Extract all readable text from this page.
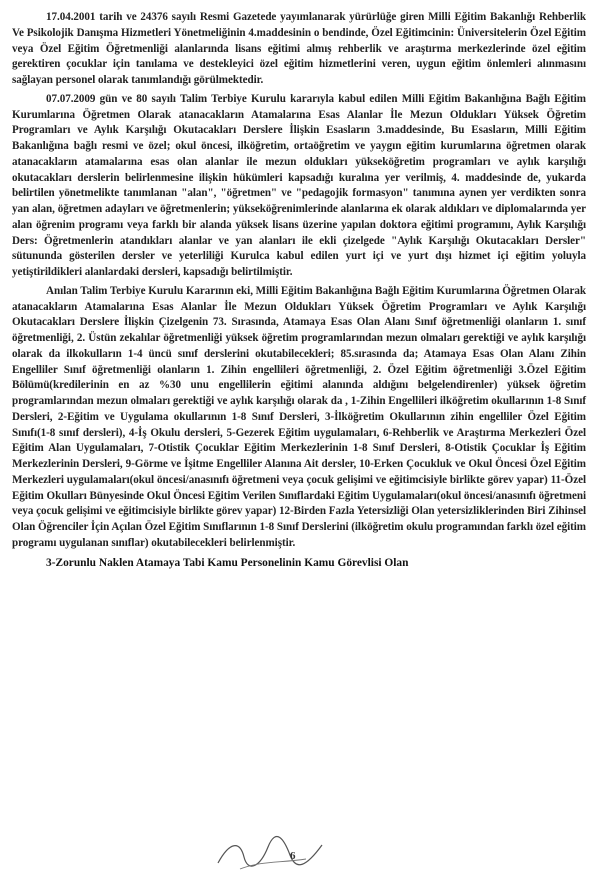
17.04.2001 tarih ve 24376 sayılı Resmi Gazetede yayımlanarak yürürlüğe giren Milli Eğitim Bakanlığı Rehberlik Ve Psikolojik Danışma Hizmetleri Yönetmeliğinin 4.maddesinin o bendinde, Özel Eğitimcinin: Üniversitelerin Özel Eğitim veya Özel Eğitim Öğretmenliği alanlarında lisans eğitimi almış rehberlik ve araştırma merkezlerinde özel eğitim gerektiren çocuklar için tanılama ve destekleyici özel eğitim hizmetlerini veren, uygun eğitim önlemleri alınmasını sağlayan personel olarak tanımlandığı görülmektedir.

07.07.2009 gün ve 80 sayılı Talim Terbiye Kurulu kararıyla kabul edilen Milli Eğitim Bakanlığına Bağlı Eğitim Kurumlarına Öğretmen Olarak atanacakların Atamalarına Esas Alanlar İle Mezun Oldukları Yüksek Öğretim Programları ve Aylık Karşılığı Okutacakları Derslere İlişkin Esasların 3.maddesinde, Bu Esasların, Milli Eğitim Bakanlığına bağlı resmi ve özel; okul öncesi, ilköğretim, ortaöğretim ve yaygın eğitim kurumlarına öğretmen olarak atanacakların atamalarına esas olan alanlar ile mezun oldukları yükseköğretim programları ve aylık karşılığı okutacakları derslerin belirlenmesine ilişkin hükümleri kapsadığı kuralına yer verilmiş, 4. maddesinde de, yukarda belirtilen yönetmelikte tanımlanan "alan", "öğretmen" ve "pedagojik formasyon" tanımına aynen yer verdikten sonra yan alan, öğretmen adayları ve öğretmenlerin; yükseköğrenimlerinde alanlarına ek olarak aldıkları ve diplomalarında yer alan öğrenim programı veya farklı bir alanda yüksek lisans üzerine yapılan doktora eğitimi programını, Aylık Karşılığı Ders: Öğretmenlerin atandıkları alanlar ve yan alanları ile ekli çizelgede "Aylık Karşılığı Okutacakları Dersler" sütununda gösterilen dersler ve yeterliliği Kurulca kabul edilen yurt içi ve yurt dışı hizmet içi eğitim yoluyla yetiştirildikleri alanlardaki dersleri, kapsadığı belirtilmiştir.

Anılan Talim Terbiye Kurulu Kararının eki, Milli Eğitim Bakanlığına Bağlı Eğitim Kurumlarına Öğretmen Olarak atanacakların Atamalarına Esas Alanlar İle Mezun Oldukları Yüksek Öğretim Programları ve Aylık Karşılığı Okutacakları Derslere İlişkin Çizelgenin 73. Sırasında, Atamaya Esas Olan Alanı Sınıf öğretmenliği olanların 1. sınıf öğretmenliği, 2. Üstün zekalılar öğretmenliği yüksek öğretim programlarından mezun olmaları gerektiği ve aylık karşılığı olarak da ilkokulların 1-4 üncü sınıf derslerini okutabilecekleri; 85.sırasında da; Atamaya Esas Olan Alanı Zihin Engelliler Sınıf öğretmenliği olanların 1. Zihin engellileri öğretmenliği, 2. Özel Eğitim öğretmenliği 3.Özel Eğitim Bölümü(kredilerinin en az %30 unu engellilerin eğitimi alanında aldığını belgelendirenler) yüksek öğretim programlarından mezun olmaları gerektiği ve aylık karşılığı olarak da , 1-Zihin Engellileri ilköğretim okullarının 1-8 Sınıf Dersleri, 2-Eğitim ve Uygulama okullarının 1-8 Sınıf Dersleri, 3-İlköğretim Okullarının zihin engelliler Özel Eğitim Sınıfı(1-8 sınıf dersleri), 4-İş Okulu dersleri, 5-Gezerek Eğitim uygulamaları, 6-Rehberlik ve Araştırma Merkezleri Özel Eğitim Alan Uygulamaları, 7-Otistik Çocuklar Eğitim Merkezlerinin 1-8 Sınıf Dersleri, 8-Otistik Çocuklar İş Eğitim Merkezlerinin Dersleri, 9-Görme ve İşitme Engelliler Alanına Ait dersler, 10-Erken Çocukluk ve Okul Öncesi Özel Eğitim Merkezleri uygulamaları(okul öncesi/anasınıfı öğretmeni veya çocuk gelişimi ve eğitimcisiyle birlikte görev yapar) 11-Özel Eğitim Okulları Bünyesinde Okul Öncesi Eğitim Verilen Sınıflardaki Eğitim Uygulamaları(okul öncesi/anasınıfı öğretmeni veya çocuk gelişimi ve eğitimcisiyle birlikte görev yapar) 12-Birden Fazla Yetersizliği Olan yetersizliklerinden Biri Zihinsel Olan Öğrenciler İçin Açılan Özel Eğitim Sınıflarının 1-8 Sınıf Derslerini (ilköğretim okulu programından farklı özel eğitim programı uygulanan sınıflar) okutabilecekleri belirlenmiştir.

3-Zorunlu Naklen Atamaya Tabi Kamu Personelinin Kamu Görevlisi Olan

6
